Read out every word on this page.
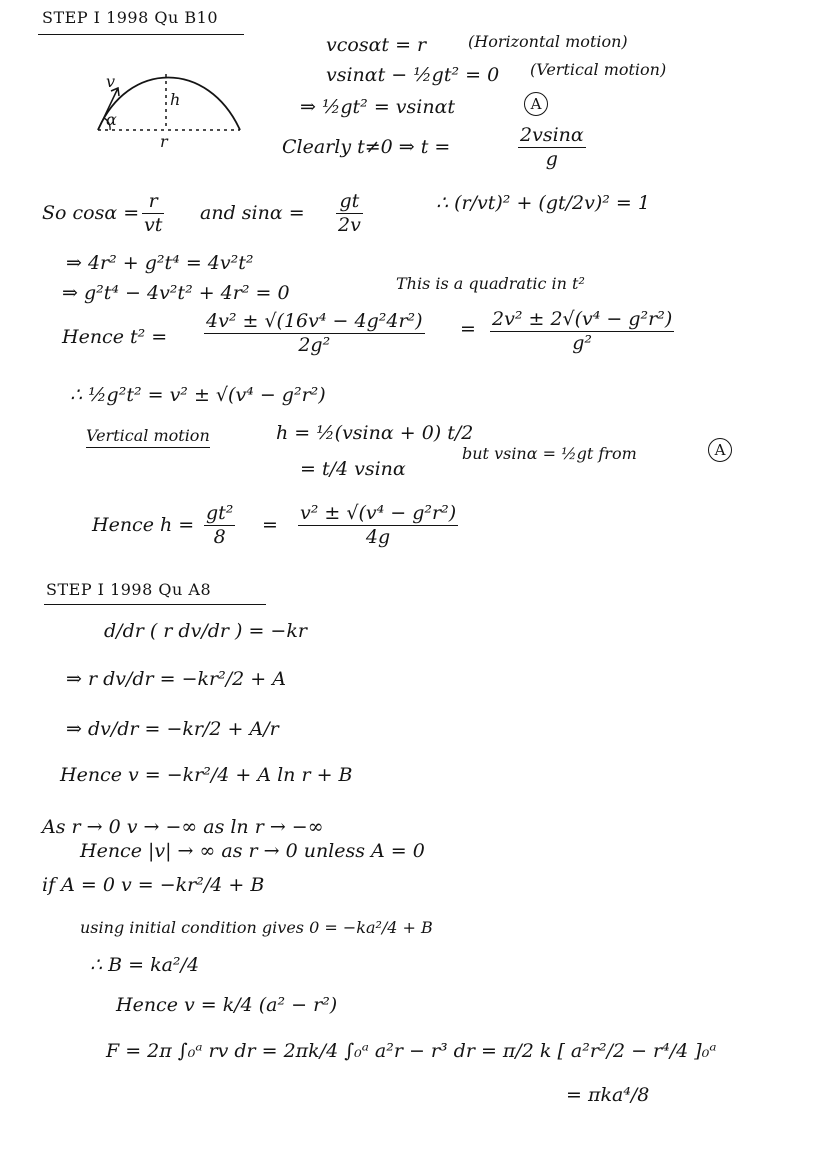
STEP I 1998 Qu B10
v
α
h
r
vcosαt = r	(Horizontal motion)
vsinαt − ½gt² = 0 (Vertical motion)
⇒ ½gt² = vsinαt	A
Clearly t≠0 ⇒ t =	$\frac{2vsin\alpha}{g}$
So $\cos\alpha = \frac{r}{vt}$ and $\sin\alpha = \frac{gt}{2v}$	∴ (r/vt)² + (gt/2v)² = 1
⇒ 4r² + g²t⁴ = 4v²t²
⇒ g²t⁴ − 4v²t² + 4r² = 0	This is a quadratic in t²
Hence $t^2 = \frac{\text{4v² ± √(16v⁴ − 4g²4r²)}}{\text{2g²}} = \frac{\text{2v² ± 2√(v⁴ − g²r²)}}{\text{g²}}$
∴ ½g²t² = v² ± √(v⁴ − g²r²)
Vertical motion	h = ½(vsinα + 0) t/2
= t/4 vsinα
but vsinα = ½gt from	A
Hence $h = \frac{\text{gt²}}{8} = \frac{\text{v² ± √(v⁴ − g²r²)}}{4g}$
STEP I 1998 Qu A8
d/dr ( r dv/dr ) = −kr
⇒ r dv/dr = −kr²/2 + A
⇒ dv/dr = −kr/2 + A/r
Hence v = −kr²/4 + A ln r + B
As r → 0 v → −∞ as ln r → −∞
Hence |v| → ∞ as r → 0 unless A = 0
if A = 0 v = −kr²/4 + B
using initial condition gives 0 = −ka²/4 + B
∴ B = ka²/4
Hence v = k/4 (a² − r²)
F = 2π ∫₀ᵃ rv dr = 2πk/4 ∫₀ᵃ a²r − r³ dr = π/2 k [ a²r²/2 − r⁴/4 ]₀ᵃ
= πka⁴/8
